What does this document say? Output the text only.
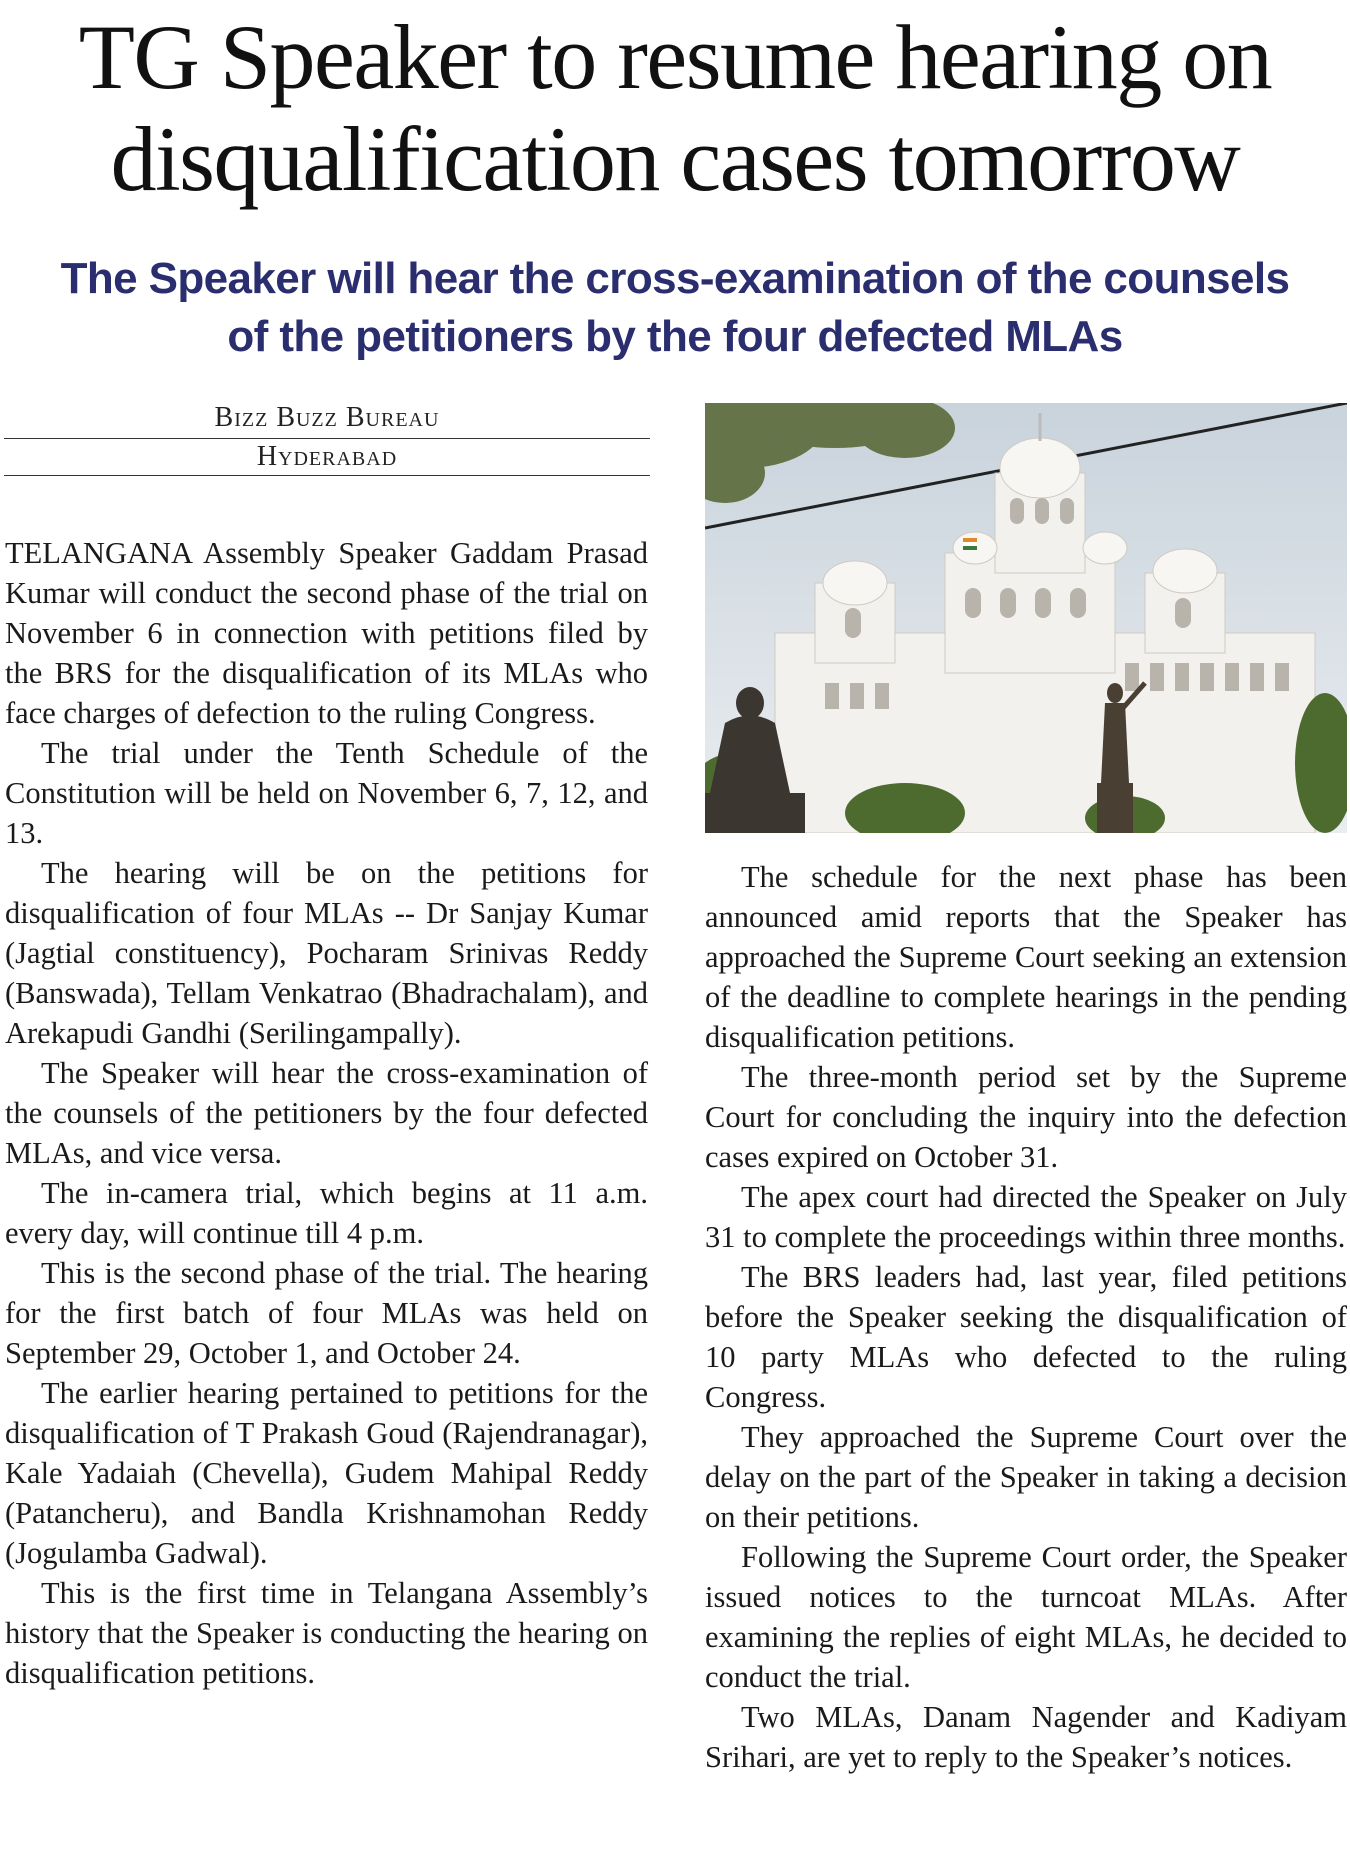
TG Speaker to resume hearing on
disqualification cases tomorrow
The Speaker will hear the cross-examination of the counsels
of the petitioners by the four defected MLAs
Bizz Buzz Bureau
Hyderabad

TELANGANA Assembly Speaker Gaddam Prasad Kumar will conduct the second phase of the trial on November 6 in connection with petitions filed by the BRS for the disqualification of its MLAs who face charges of defection to the ruling Congress.

The trial under the Tenth Schedule of the Constitution will be held on November 6, 7, 12, and 13.

The hearing will be on the petitions for disqualification of four MLAs -- Dr Sanjay Kumar (Jagtial constituency), Pocharam Srinivas Reddy (Banswada), Tellam Venkatrao (Bhadrachalam), and Arekapudi Gandhi (Serilingampally).

The Speaker will hear the cross-examination of the counsels of the petitioners by the four defected MLAs, and vice versa.

The in-camera trial, which begins at 11 a.m. every day, will continue till 4 p.m.

This is the second phase of the trial. The hearing for the first batch of four MLAs was held on September 29, October 1, and October 24.

The earlier hearing pertained to petitions for the disqualification of T Prakash Goud (Rajendranagar), Kale Yadaiah (Chevella), Gudem Mahipal Reddy (Patancheru), and Bandla Krishnamohan Reddy (Jogulamba Gadwal).

This is the first time in Telangana Assembly’s history that the Speaker is conducting the hearing on disqualification petitions.

The schedule for the next phase has been announced amid reports that the Speaker has approached the Supreme Court seeking an extension of the deadline to complete hearings in the pending disqualification petitions.

The three-month period set by the Supreme Court for concluding the inquiry into the defection cases expired on October 31.

The apex court had directed the Speaker on July 31 to complete the proceedings within three months.

The BRS leaders had, last year, filed petitions before the Speaker seeking the disqualification of 10 party MLAs who defected to the ruling Congress.

They approached the Supreme Court over the delay on the part of the Speaker in taking a decision on their petitions.

Following the Supreme Court order, the Speaker issued notices to the turncoat MLAs. After examining the replies of eight MLAs, he decided to conduct the trial.

Two MLAs, Danam Nagender and Kadiyam Srihari, are yet to reply to the Speaker’s notices.
